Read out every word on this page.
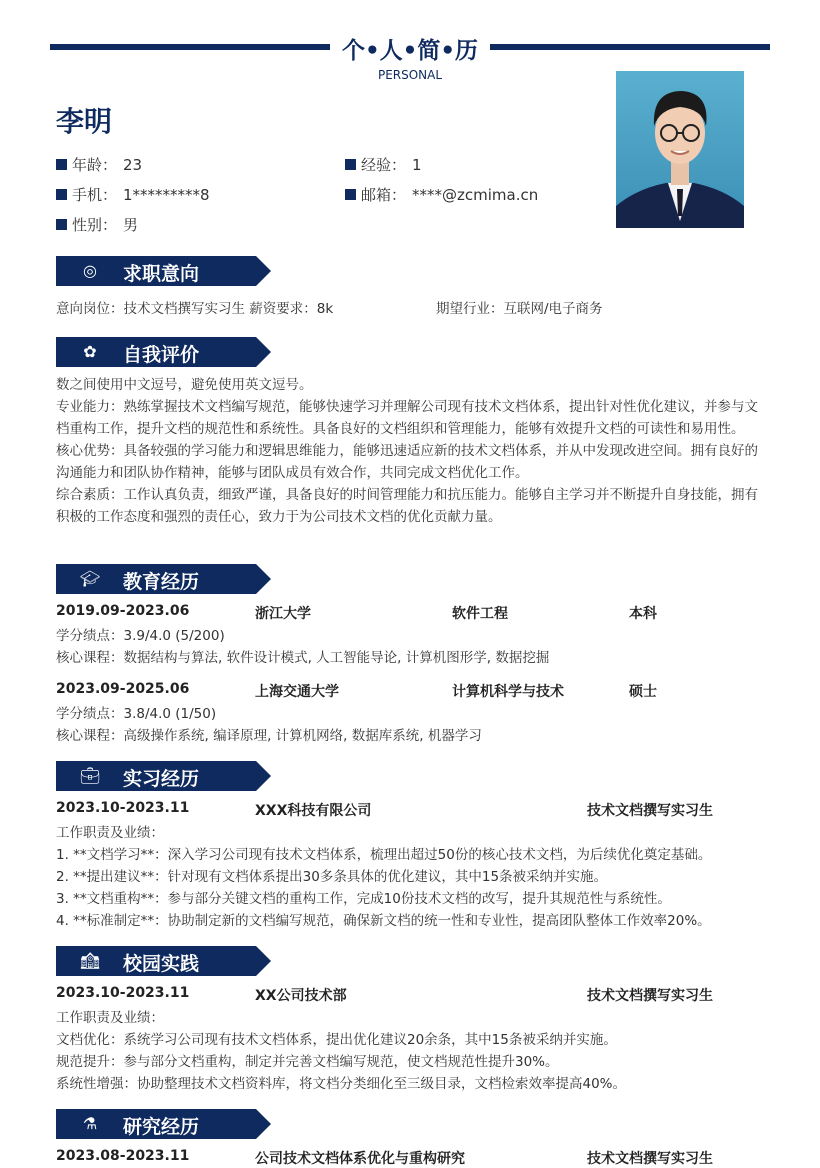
个•人•简•历
PERSONAL
李明
年龄： 23	经验： 1
手机： 1*********8	邮箱： ****@zcmima.cn
性别： 男
◎ 求职意向
意向岗位：技术文档撰写实习生 薪资要求：8k	期望行业：互联网/电子商务
✿ 自我评价
数之间使用中文逗号，避免使用英文逗号。
专业能力：熟练掌握技术文档编写规范，能够快速学习并理解公司现有技术文档体系，提出针对性优化建议，并参与文档重构工作，提升文档的规范性和系统性。具备良好的文档组织和管理能力，能够有效提升文档的可读性和易用性。
核心优势：具备较强的学习能力和逻辑思维能力，能够迅速适应新的技术文档体系，并从中发现改进空间。拥有良好的沟通能力和团队协作精神，能够与团队成员有效合作，共同完成文档优化工作。
综合素质：工作认真负责，细致严谨，具备良好的时间管理能力和抗压能力。能够自主学习并不断提升自身技能，拥有积极的工作态度和强烈的责任心，致力于为公司技术文档的优化贡献力量。
🎓︎ 教育经历
2019.09-2023.06	浙江大学	软件工程	本科
学分绩点：3.9/4.0 (5/200)
核心课程：数据结构与算法, 软件设计模式, 人工智能导论, 计算机图形学, 数据挖掘
2023.09-2025.06	上海交通大学	计算机科学与技术	硕士
学分绩点：3.8/4.0 (1/50)
核心课程：高级操作系统, 编译原理, 计算机网络, 数据库系统, 机器学习
💼︎ 实习经历
2023.10-2023.11	XXX科技有限公司	技术文档撰写实习生
工作职责及业绩：
1. **文档学习**：深入学习公司现有技术文档体系，梳理出超过50份的核心技术文档，为后续优化奠定基础。
2. **提出建议**：针对现有文档体系提出30多条具体的优化建议，其中15条被采纳并实施。
3. **文档重构**：参与部分关键文档的重构工作，完成10份技术文档的改写，提升其规范性与系统性。
4. **标准制定**：协助制定新的文档编写规范，确保新文档的统一性和专业性，提高团队整体工作效率20%。
🏫︎ 校园实践
2023.10-2023.11	XX公司技术部	技术文档撰写实习生
工作职责及业绩：
文档优化：系统学习公司现有技术文档体系，提出优化建议20余条，其中15条被采纳并实施。
规范提升：参与部分文档重构，制定并完善文档编写规范，使文档规范性提升30%。
系统性增强：协助整理技术文档资料库，将文档分类细化至三级目录，文档检索效率提高40%。
⚗︎ 研究经历
2023.08-2023.11	公司技术文档体系优化与重构研究	技术文档撰写实习生
